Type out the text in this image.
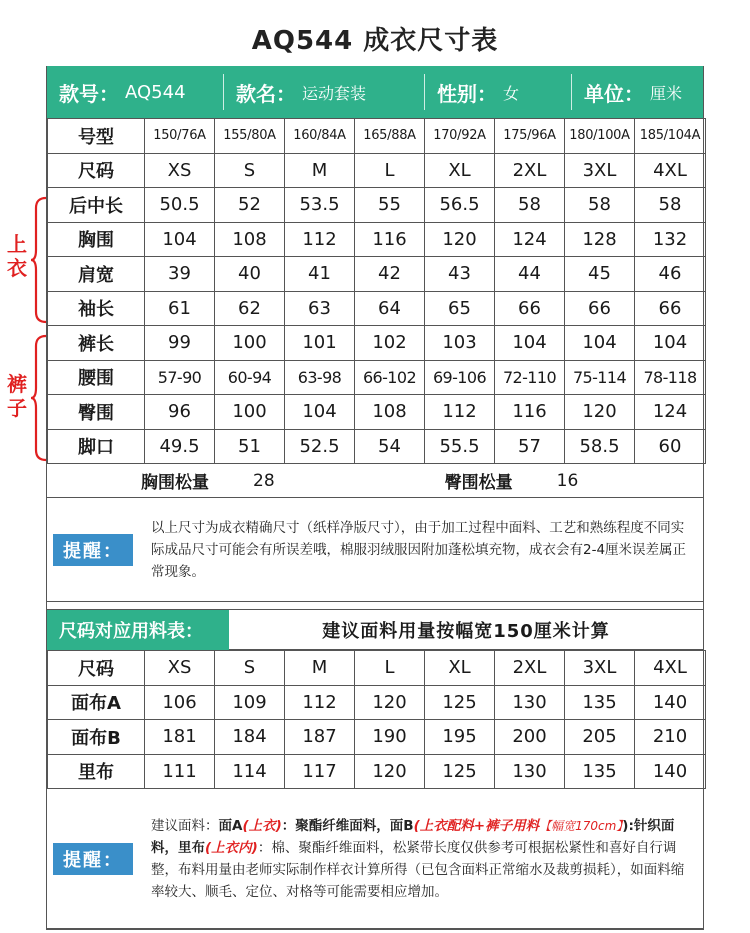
AQ544 成衣尺寸表
上衣
裤子
款号： AQ544	款名： 运动套装	性别： 女	单位： 厘米
号型	150/76A	155/80A	160/84A	165/88A	170/92A	175/96A	180/100A	185/104A
尺码	XS	S	M	L	XL	2XL	3XL	4XL
后中长	50.5	52	53.5	55	56.5	58	58	58
胸围	104	108	112	116	120	124	128	132
肩宽	39	40	41	42	43	44	45	46
袖长	61	62	63	64	65	66	66	66
裤长	99	100	101	102	103	104	104	104
腰围	57-90	60-94	63-98	66-102	69-106	72-110	75-114	78-118
臀围	96	100	104	108	112	116	120	124
脚口	49.5	51	52.5	54	55.5	57	58.5	60
胸围松量	28	臀围松量	16
提醒：
以上尺寸为成衣精确尺寸（纸样净版尺寸），由于加工过程中面料、工艺和熟练程度不同实际成品尺寸可能会有所误差哦，棉服羽绒服因附加蓬松填充物，成衣会有2-4厘米误差属正常现象。
尺码对应用料表：	建议面料用量按幅宽150厘米计算
尺码	XS	S	M	L	XL	2XL	3XL	4XL
面布A	106	109	112	120	125	130	135	140
面布B	181	184	187	190	195	200	205	210
里布	111	114	117	120	125	130	135	140
提醒：
建议面料：面A(上衣)：聚酯纤维面料，面B(上衣配料+裤子用料【幅宽170cm】):针织面料，里布(上衣内)：棉、聚酯纤维面料，松紧带长度仅供参考可根据松紧性和喜好自行调整，布料用量由老师实际制作样衣计算所得（已包含面料正常缩水及裁剪损耗），如面料缩率较大、顺毛、定位、对格等可能需要相应增加。
